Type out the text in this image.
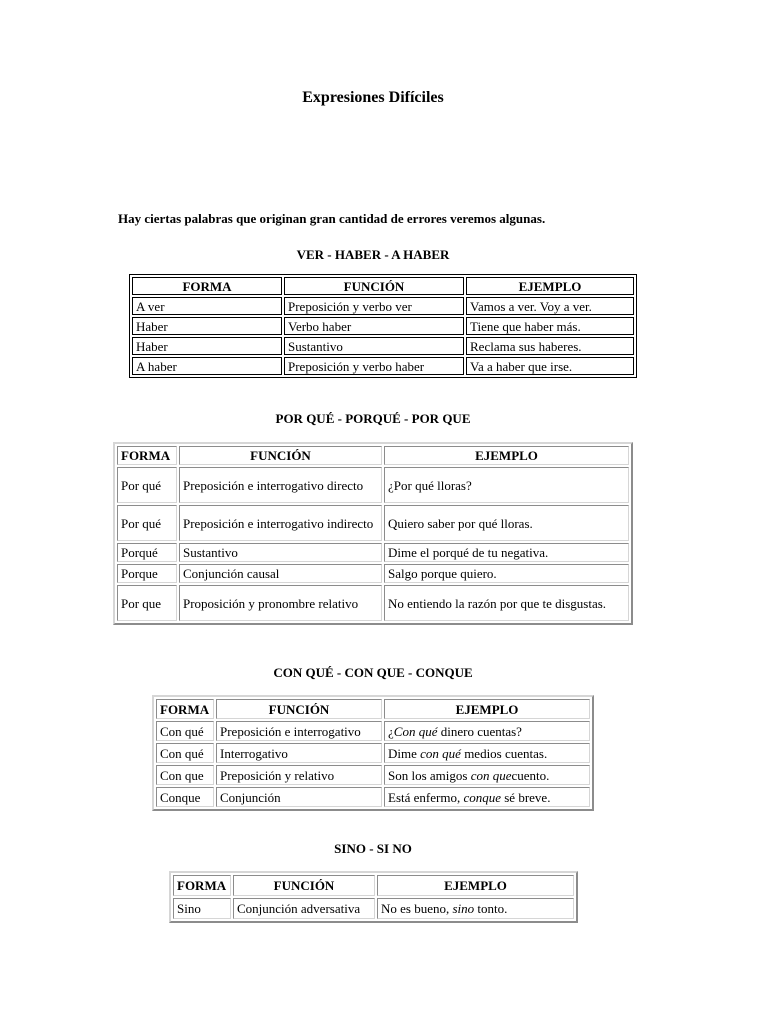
Expresiones Difíciles
Hay ciertas palabras que originan gran cantidad de errores veremos algunas.
VER - HABER - A HABER
FORMA	FUNCIÓN	EJEMPLO
A ver	Preposición y verbo ver	Vamos a ver. Voy a ver.
Haber	Verbo haber	Tiene que haber más.
Haber	Sustantivo	Reclama sus haberes.
A haber	Preposición y verbo haber	Va a haber que irse.
POR QUÉ - PORQUÉ - POR QUE
FORMA	FUNCIÓN	EJEMPLO
Por qué	Preposición e interrogativo directo	¿Por qué lloras?
Por qué	Preposición e interrogativo indirecto	Quiero saber por qué lloras.
Porqué	Sustantivo	Dime el porqué de tu negativa.
Porque	Conjunción causal	Salgo porque quiero.
Por que	Proposición y pronombre relativo	No entiendo la razón por que te disgustas.
CON QUÉ - CON QUE - CONQUE
FORMA	FUNCIÓN	EJEMPLO
Con qué	Preposición e interrogativo	¿Con qué dinero cuentas?
Con qué	Interrogativo	Dime con qué medios cuentas.
Con que	Preposición y relativo	Son los amigos con quecuento.
Conque	Conjunción	Está enfermo, conque sé breve.
SINO - SI NO
FORMA	FUNCIÓN	EJEMPLO
Sino	Conjunción adversativa	No es bueno, sino tonto.
